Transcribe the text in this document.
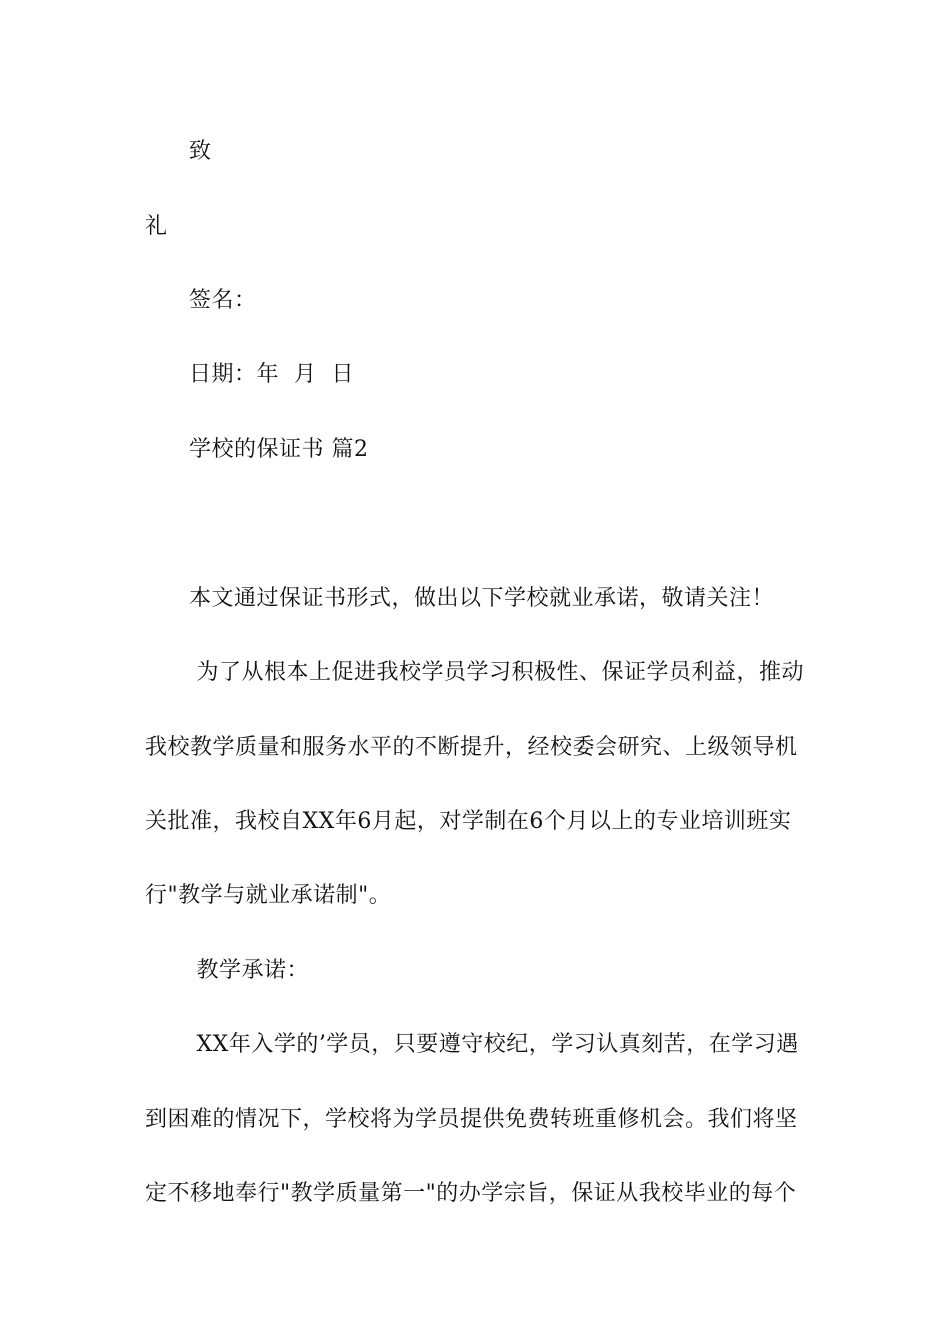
致
礼
签名：
日期：年  月  日
学校的保证书 篇2
本文通过保证书形式，做出以下学校就业承诺，敬请关注！
为了从根本上促进我校学员学习积极性、保证学员利益，推动
我校教学质量和服务水平的不断提升，经校委会研究、上级领导机
关批准，我校自XX年6月起，对学制在6个月以上的专业培训班实
行"教学与就业承诺制"。
教学承诺：
XX年入学的’学员，只要遵守校纪，学习认真刻苦，在学习遇
到困难的情况下，学校将为学员提供免费转班重修机会。我们将坚
定不移地奉行"教学质量第一"的办学宗旨，保证从我校毕业的每个
